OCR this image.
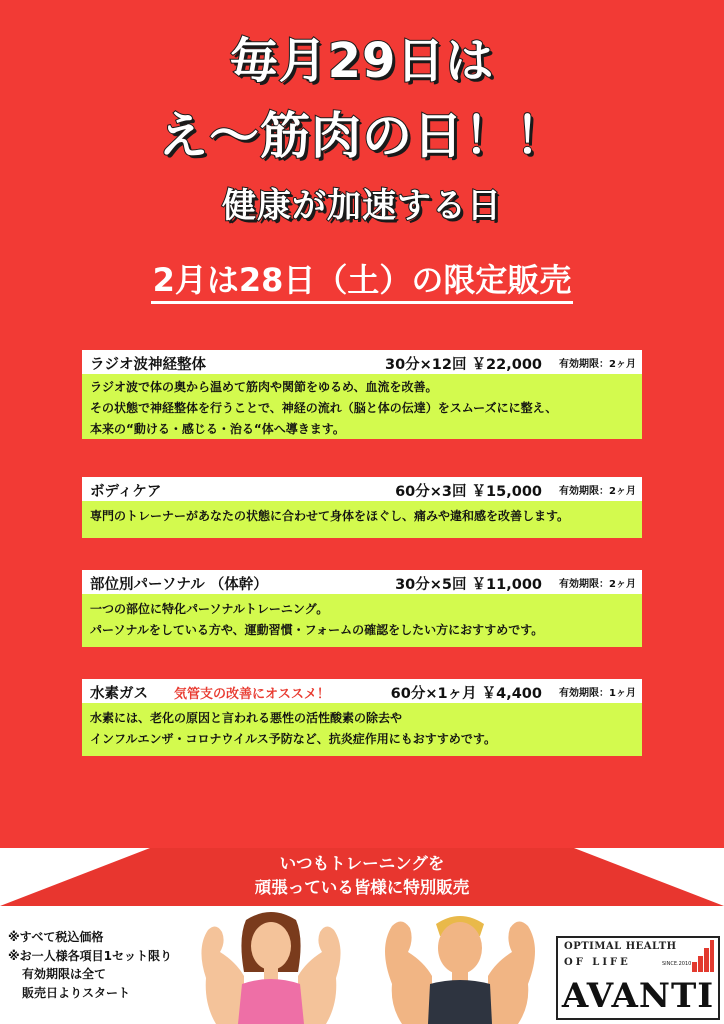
毎月29日は
え〜筋肉の日！！
健康が加速する日
2月は28日（土）の限定販売
ラジオ波神経整体	30分×12回 ￥22,000 有効期限：2ヶ月
ラジオ波で体の奥から温めて筋肉や関節をゆるめ、血流を改善。
その状態で神経整体を行うことで、神経の流れ（脳と体の伝達）をスムーズにに整え、
本来の“動ける・感じる・治る“体へ導きます。
ボディケア	60分×3回 ￥15,000 有効期限：2ヶ月
専門のトレーナーがあなたの状態に合わせて身体をほぐし、痛みや違和感を改善します。
部位別パーソナル （体幹）	30分×5回 ￥11,000 有効期限：2ヶ月
一つの部位に特化パーソナルトレーニング。
パーソナルをしている方や、運動習慣・フォームの確認をしたい方におすすめです。
水素ガス 気管支の改善にオススメ！	60分×1ヶ月 ￥4,400 有効期限：1ヶ月
水素には、老化の原因と言われる悪性の活性酸素の除去や
インフルエンザ・コロナウイルス予防など、抗炎症作用にもおすすめです。
いつもトレーニングを
頑張っている皆様に特別販売
※すべて税込価格
※お一人様各項目1セット限り
有効期限は全て
販売日よりスタート
OPTIMAL HEALTH
OF LIFE	SINCE.2010
AVANTI
